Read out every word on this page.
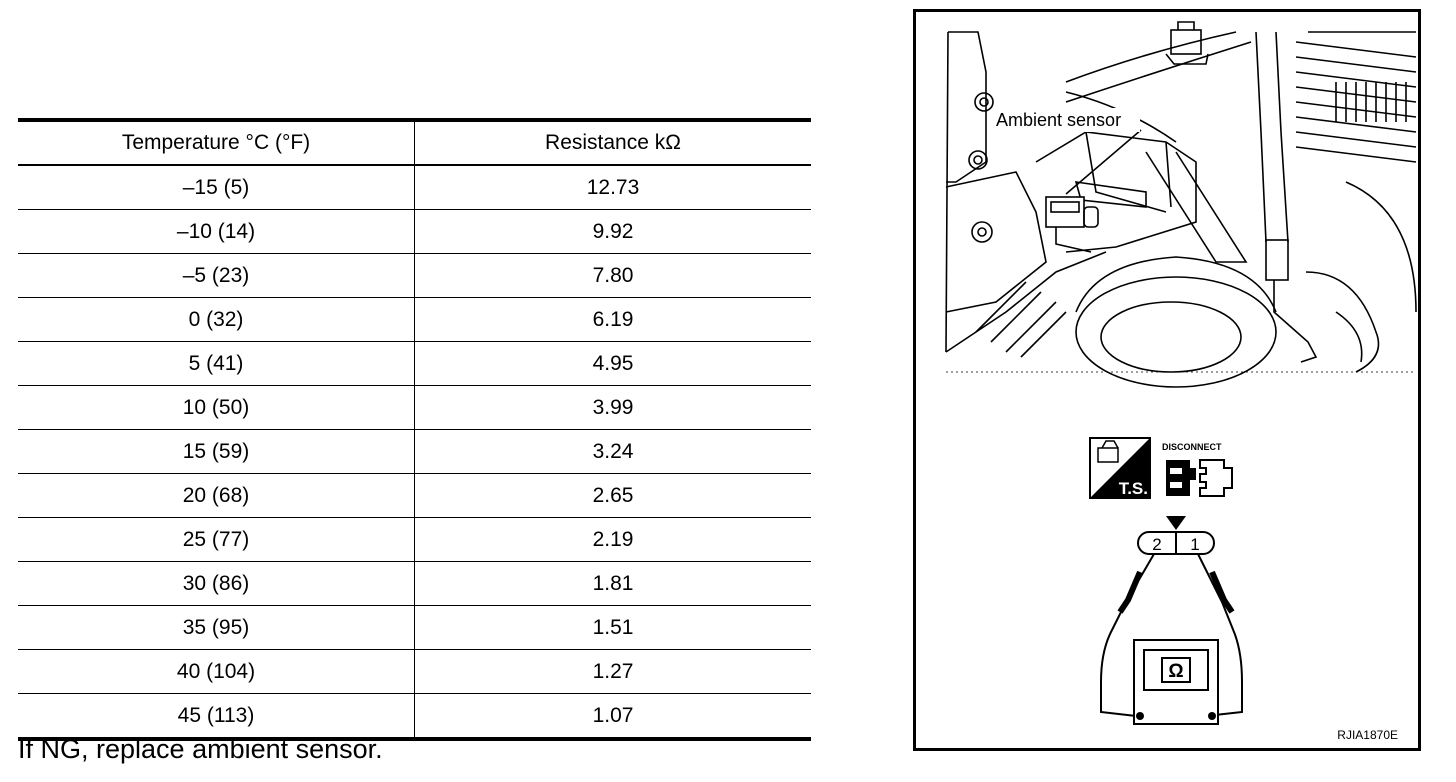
Temperature °C (°F)	Resistance kΩ
–15 (5)	12.73
–10 (14)	9.92
–5 (23)	7.80
0 (32)	6.19
5 (41)	4.95
10 (50)	3.99
15 (59)	3.24
20 (68)	2.65
25 (77)	2.19
30 (86)	1.81
35 (95)	1.51
40 (104)	1.27
45 (113)	1.07
If NG, replace ambient sensor.
Ambient sensor
T.S.
DISCONNECT
2 1
Ω
RJIA1870E
